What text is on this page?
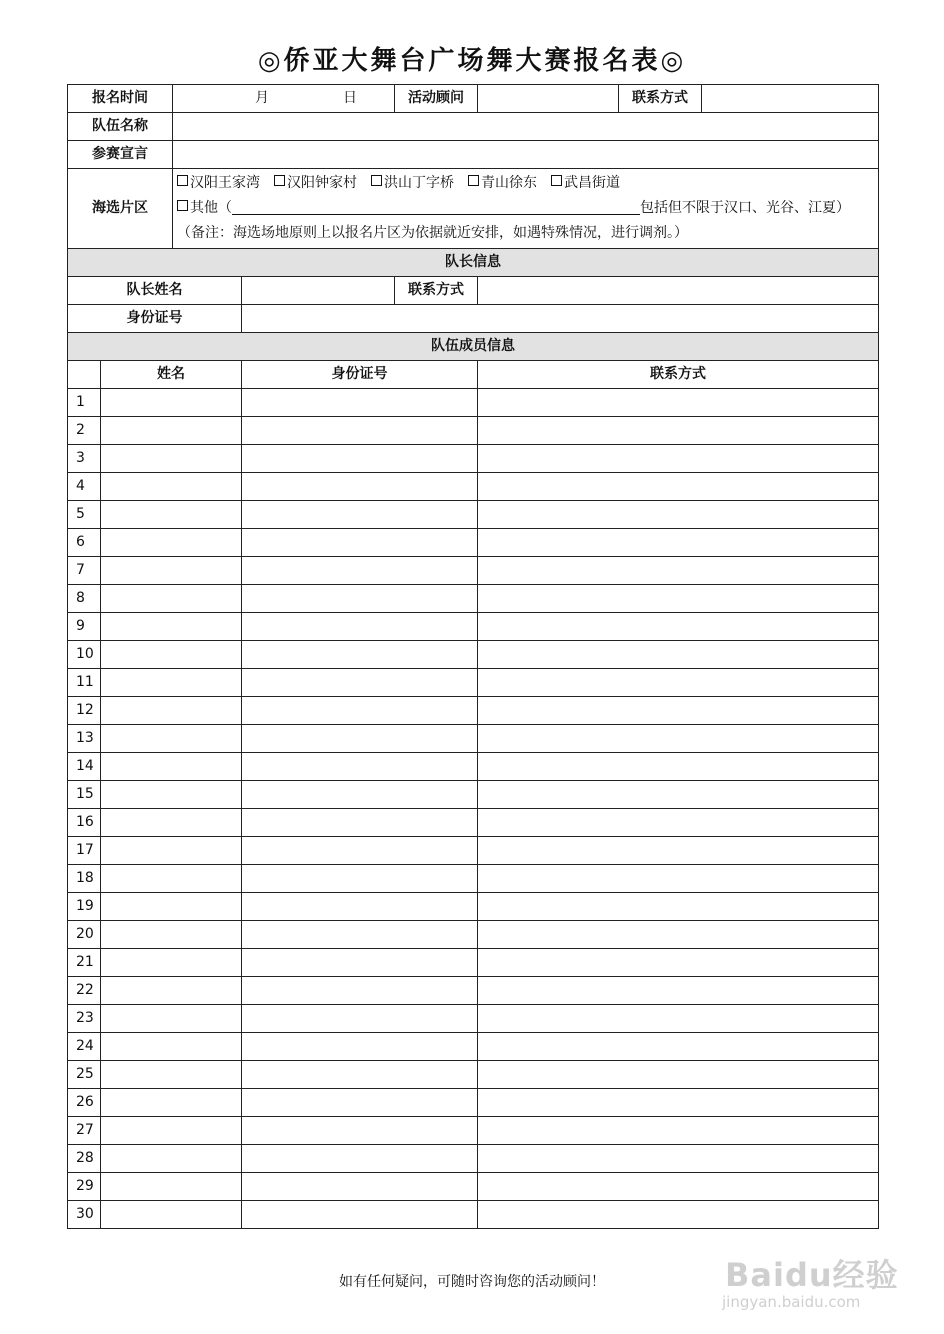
◎侨亚大舞台广场舞大赛报名表◎
报名时间		月 日		活动顾问		联系方式	
队伍名称							
参赛宣言							
海选片区		汉阳王家湾 汉阳钟家村 洪山丁字桥 青山徐东 武昌街道
其他（ 包括但不限于汉口、光谷、江夏）
（备注：海选场地原则上以报名片区为依据就近安排，如遇特殊情况，进行调剂。）					

队长信息							
队长姓名				联系方式			
身份证号							
队伍成员信息							
	姓名		身份证号		联系方式		
1							
2							
3							
4							
5							
6							
7							
8							
9							
10							
11							
12							
13							
14							
15							
16							
17							
18							
19							
20							
21							
22							
23							
24							
25							
26							
27							
28							
29							
30							
如有任何疑问，可随时咨询您的活动顾问！	Baidu经验
jingyan.baidu.com
